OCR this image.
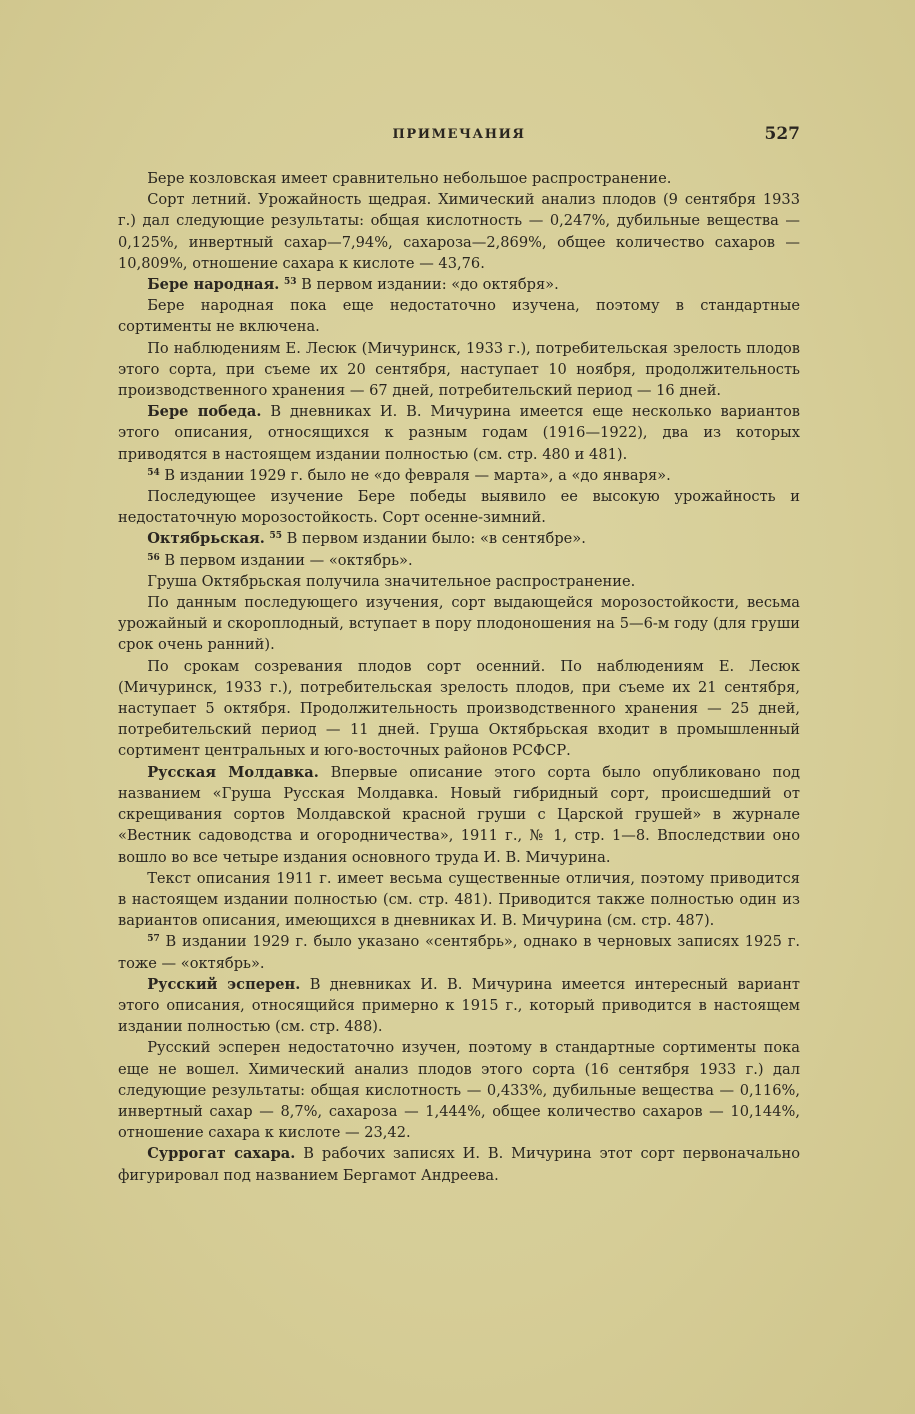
ПРИМЕЧАНИЯ	527

Бере козловская имеет сравнительно небольшое распространение.

Сорт летний. Урожайность щедрая. Химический анализ плодов (9 сентября 1933 г.) дал следующие результаты: общая кислотность — 0,247%, дубильные вещества — 0,125%, инвертный сахар—7,94%, сахароза—2,869%, общее количество сахаров — 10,809%, отношение сахара к кислоте — 43,76.

Бере народная. $^{53}$ В первом издании: «до октября».

Бере народная пока еще недостаточно изучена, поэтому в стандартные сортименты не включена.

По наблюдениям Е. Лесюк (Мичуринск, 1933 г.), потребительская зрелость плодов этого сорта, при съеме их 20 сентября, наступает 10 ноября, продолжительность производственного хранения — 67 дней, потребительский период — 16 дней.

Бере победа. В дневниках И. В. Мичурина имеется еще несколько вариантов этого описания, относящихся к разным годам (1916—1922), два из которых приводятся в настоящем издании полностью (см. стр. 480 и 481).

$^{54}$ В издании 1929 г. было не «до февраля — марта», а «до января».

Последующее изучение Бере победы выявило ее высокую урожайность и недостаточную морозостойкость. Сорт осенне-зимний.

Октябрьская. $^{55}$ В первом издании было: «в сентябре».

$^{56}$ В первом издании — «октябрь».

Груша Октябрьская получила значительное распространение.

По данным последующего изучения, сорт выдающейся морозостойкости, весьма урожайный и скороплодный, вступает в пору плодоношения на 5—6-м году (для груши срок очень ранний).

По срокам созревания плодов сорт осенний. По наблюдениям Е. Лесюк (Мичуринск, 1933 г.), потребительская зрелость плодов, при съеме их 21 сентября, наступает 5 октября. Продолжительность производственного хранения — 25 дней, потребительский период — 11 дней. Груша Октябрьская входит в промышленный сортимент центральных и юго-восточных районов РСФСР.

Русская Молдавка. Впервые описание этого сорта было опубликовано под названием «Груша Русская Молдавка. Новый гибридный сорт, происшедший от скрещивания сортов Молдавской красной груши с Царской грушей» в журнале «Вестник садоводства и огородничества», 1911 г., № 1, стр. 1—8. Впоследствии оно вошло во все четыре издания основного труда И. В. Мичурина.

Текст описания 1911 г. имеет весьма существенные отличия, поэтому приводится в настоящем издании полностью (см. стр. 481). Приводится также полностью один из вариантов описания, имеющихся в дневниках И. В. Мичурина (см. стр. 487).

$^{57}$ В издании 1929 г. было указано «сентябрь», однако в черновых записях 1925 г. тоже — «октябрь».

Русский эсперен. В дневниках И. В. Мичурина имеется интересный вариант этого описания, относящийся примерно к 1915 г., который приводится в настоящем издании полностью (см. стр. 488).

Русский эсперен недостаточно изучен, поэтому в стандартные сортименты пока еще не вошел. Химический анализ плодов этого сорта (16 сентября 1933 г.) дал следующие результаты: общая кислотность — 0,433%, дубильные вещества — 0,116%, инвертный сахар — 8,7%, сахароза — 1,444%, общее количество сахаров — 10,144%, отношение сахара к кислоте — 23,42.

Суррогат сахара. В рабочих записях И. В. Мичурина этот сорт первоначально фигурировал под названием Бергамот Андреева.
